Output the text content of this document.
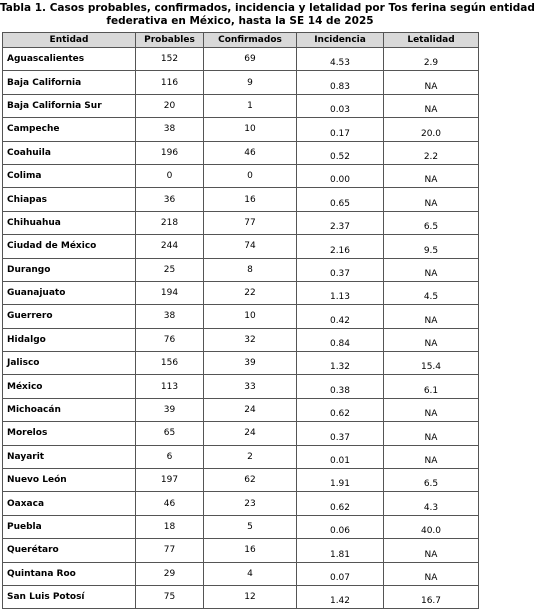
Tabla 1. Casos probables, confirmados, incidencia y letalidad por Tos ferina según entidad
federativa en México, hasta la SE 14 de 2025
Entidad	Probables	Confirmados	Incidencia	Letalidad
Aguascalientes	152	69	4.53	2.9
Baja California	116	9	0.83	NA
Baja California Sur	20	1	0.03	NA
Campeche	38	10	0.17	20.0
Coahuila	196	46	0.52	2.2
Colima	0	0	0.00	NA
Chiapas	36	16	0.65	NA
Chihuahua	218	77	2.37	6.5
Ciudad de México	244	74	2.16	9.5
Durango	25	8	0.37	NA
Guanajuato	194	22	1.13	4.5
Guerrero	38	10	0.42	NA
Hidalgo	76	32	0.84	NA
Jalisco	156	39	1.32	15.4
México	113	33	0.38	6.1
Michoacán	39	24	0.62	NA
Morelos	65	24	0.37	NA
Nayarit	6	2	0.01	NA
Nuevo León	197	62	1.91	6.5
Oaxaca	46	23	0.62	4.3
Puebla	18	5	0.06	40.0
Querétaro	77	16	1.81	NA
Quintana Roo	29	4	0.07	NA
San Luis Potosí	75	12	1.42	16.7
